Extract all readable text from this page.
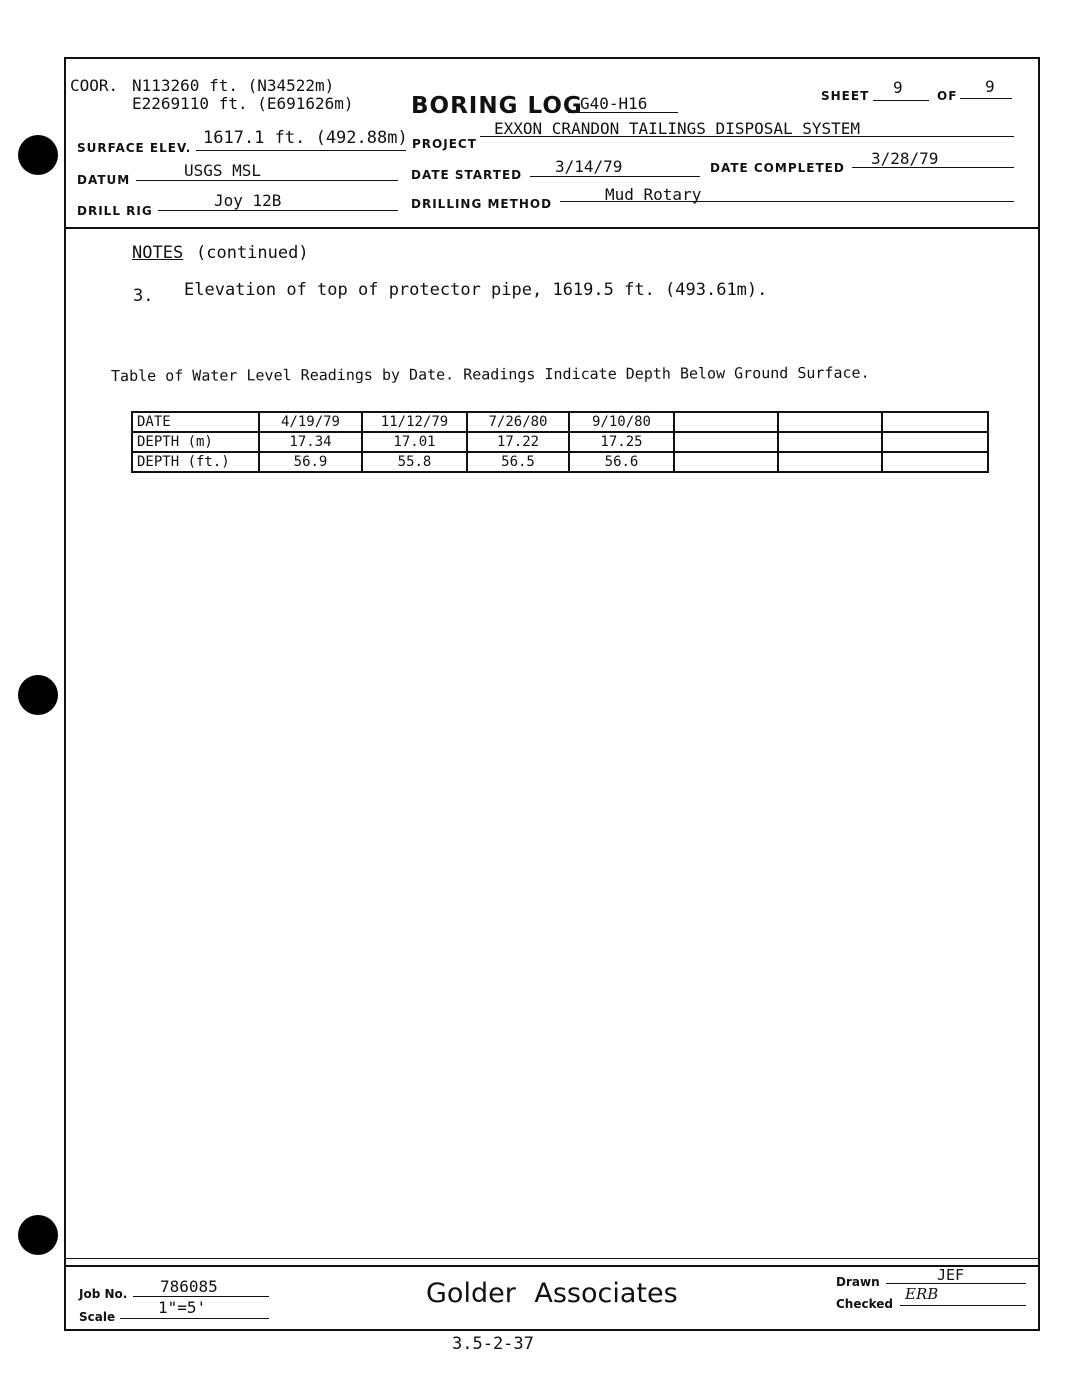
COOR. N113260 ft. (N34522m)
E2269110 ft. (E691626m) BORING LOG
G40-H16	SHEET 9	OF 9
SURFACE ELEV. 1617.1 ft. (492.88m) PROJECT
EXXON CRANDON TAILINGS DISPOSAL SYSTEM
DATUM	USGS MSL	DATE STARTED 3/14/79	DATE COMPLETED 3/28/79
DRILL RIG
Joy 12B	DRILLING METHOD	Mud Rotary
NOTES (continued)
3. Elevation of top of protector pipe, 1619.5 ft. (493.61m).
Table of Water Level Readings by Date. Readings Indicate Depth Below Ground Surface.
DATE	4/19/79	11/12/79	7/26/80	9/10/80			
DEPTH (m)	17.34	17.01	17.22	17.25			
DEPTH (ft.)	56.9	55.8	56.5	56.6			
Job No. 786085
Scale	1"=5'	Golder Associates	Drawn	JEF
Checked
ERB
3.5-2-37
